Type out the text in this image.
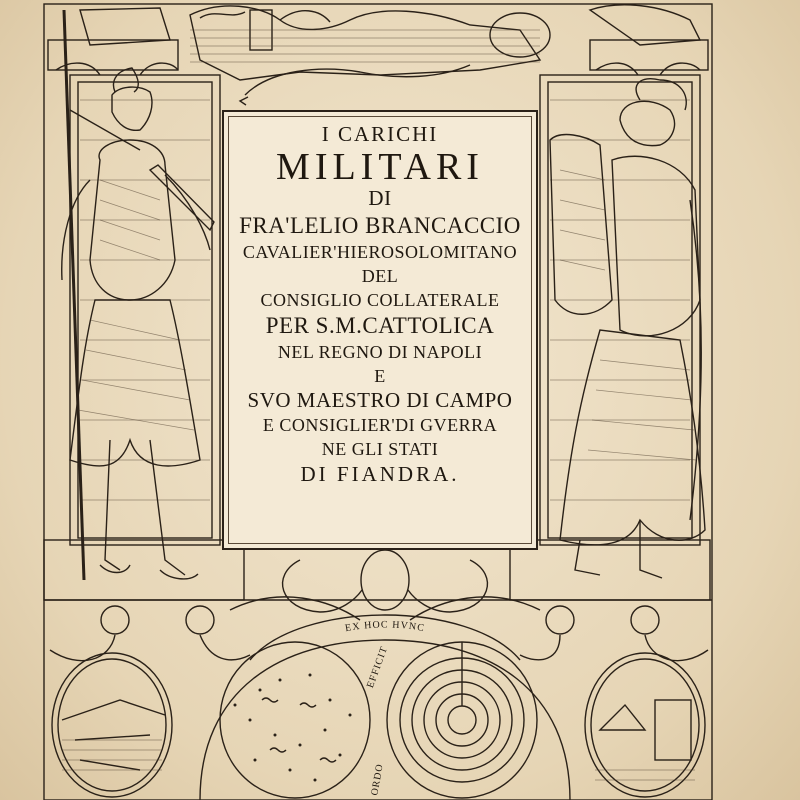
EX HOC HVNC
EFFICIT
ORDO
I CARICHI
MILITARI
DI
FRA'LELIO BRANCACCIO
CAVALIER'HIEROSOLOMITANO
DEL
CONSIGLIO COLLATERALE
PER S.M.CATTOLICA
NEL REGNO DI NAPOLI
E
SVO MAESTRO DI CAMPO
E CONSIGLIER'DI GVERRA
NE GLI STATI
DI FIANDRA.
